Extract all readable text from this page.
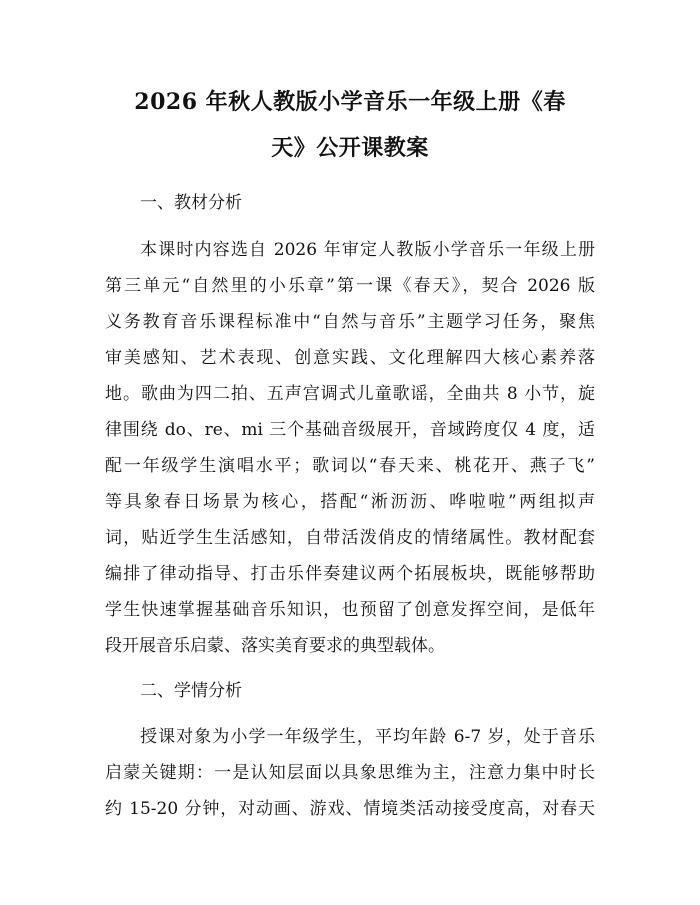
2026 年秋人教版小学音乐一年级上册《春
天》公开课教案
一、教材分析
本课时内容选自 2026 年审定人教版小学音乐一年级上册
第三单元“自然里的小乐章”第一课《春天》，契合 2026 版
义务教育音乐课程标准中“自然与音乐”主题学习任务，聚焦
审美感知、艺术表现、创意实践、文化理解四大核心素养落
地。歌曲为四二拍、五声宫调式儿童歌谣，全曲共 8 小节，旋
律围绕 do、re、mi 三个基础音级展开，音域跨度仅 4 度，适
配一年级学生演唱水平；歌词以“春天来、桃花开、燕子飞”
等具象春日场景为核心，搭配“淅沥沥、哗啦啦”两组拟声
词，贴近学生生活感知，自带活泼俏皮的情绪属性。教材配套
编排了律动指导、打击乐伴奏建议两个拓展板块，既能够帮助
学生快速掌握基础音乐知识，也预留了创意发挥空间，是低年
段开展音乐启蒙、落实美育要求的典型载体。
二、学情分析
授课对象为小学一年级学生，平均年龄 6-7 岁，处于音乐
启蒙关键期：一是认知层面以具象思维为主，注意力集中时长
约 15-20 分钟，对动画、游戏、情境类活动接受度高，对春天
